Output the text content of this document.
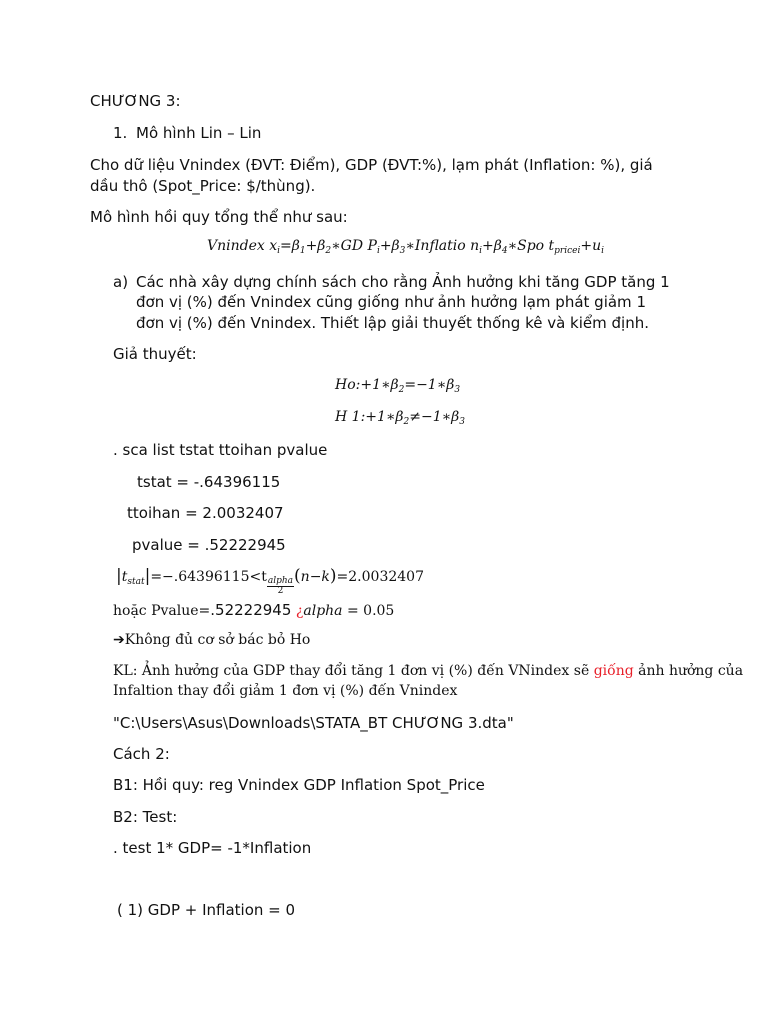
CHƯƠNG 3:
1. Mô hình Lin – Lin
Cho dữ liệu Vnindex (ĐVT: Điểm), GDP (ĐVT:%), lạm phát (Inflation: %), giá
dầu thô (Spot_Price: $/thùng).
Mô hình hồi quy tổng thể như sau:
Vnindex $x_i=\beta_1+\beta_2∗GD$ $P_i+\beta_3∗Inflatio$ $n_i+\beta_4∗Spo$ $t_{pricei}+u_i$
a) Các nhà xây dựng chính sách cho rằng Ảnh hưởng khi tăng GDP tăng 1
đơn vị (%) đến Vnindex cũng giống như ảnh hưởng lạm phát giảm 1
đơn vị (%) đến Vnindex. Thiết lập giải thuyết thống kê và kiểm định.
Giả thuyết:
$Ho:+1∗\beta_2=-1∗\beta_3$
H $1:+1∗\beta_2\ne-1∗\beta_3$
. sca list tstat ttoihan pvalue
tstat = -.64396115
ttoihan = 2.0032407
pvalue = .52222945
$|t_{stat}|=-.64396115<t \frac{\text{alpha}}{2}$
(n−k)=2.0032407
hoặc Pvalue=.52222945 ¿alpha = 0.05
➔Không đủ cơ sở bác bỏ Ho
KL: Ảnh hưởng của GDP thay đổi tăng 1 đơn vị (%) đến VNindex sẽ giống ảnh hưởng của
Infaltion thay đổi giảm 1 đơn vị (%) đến Vnindex
"C:\Users\Asus\Downloads\STATA_BT CHƯƠNG 3.dta"
Cách 2:
B1: Hồi quy: reg Vnindex GDP Inflation Spot_Price
B2: Test:
. test 1* GDP= -1*Inflation
( 1) GDP + Inflation = 0
